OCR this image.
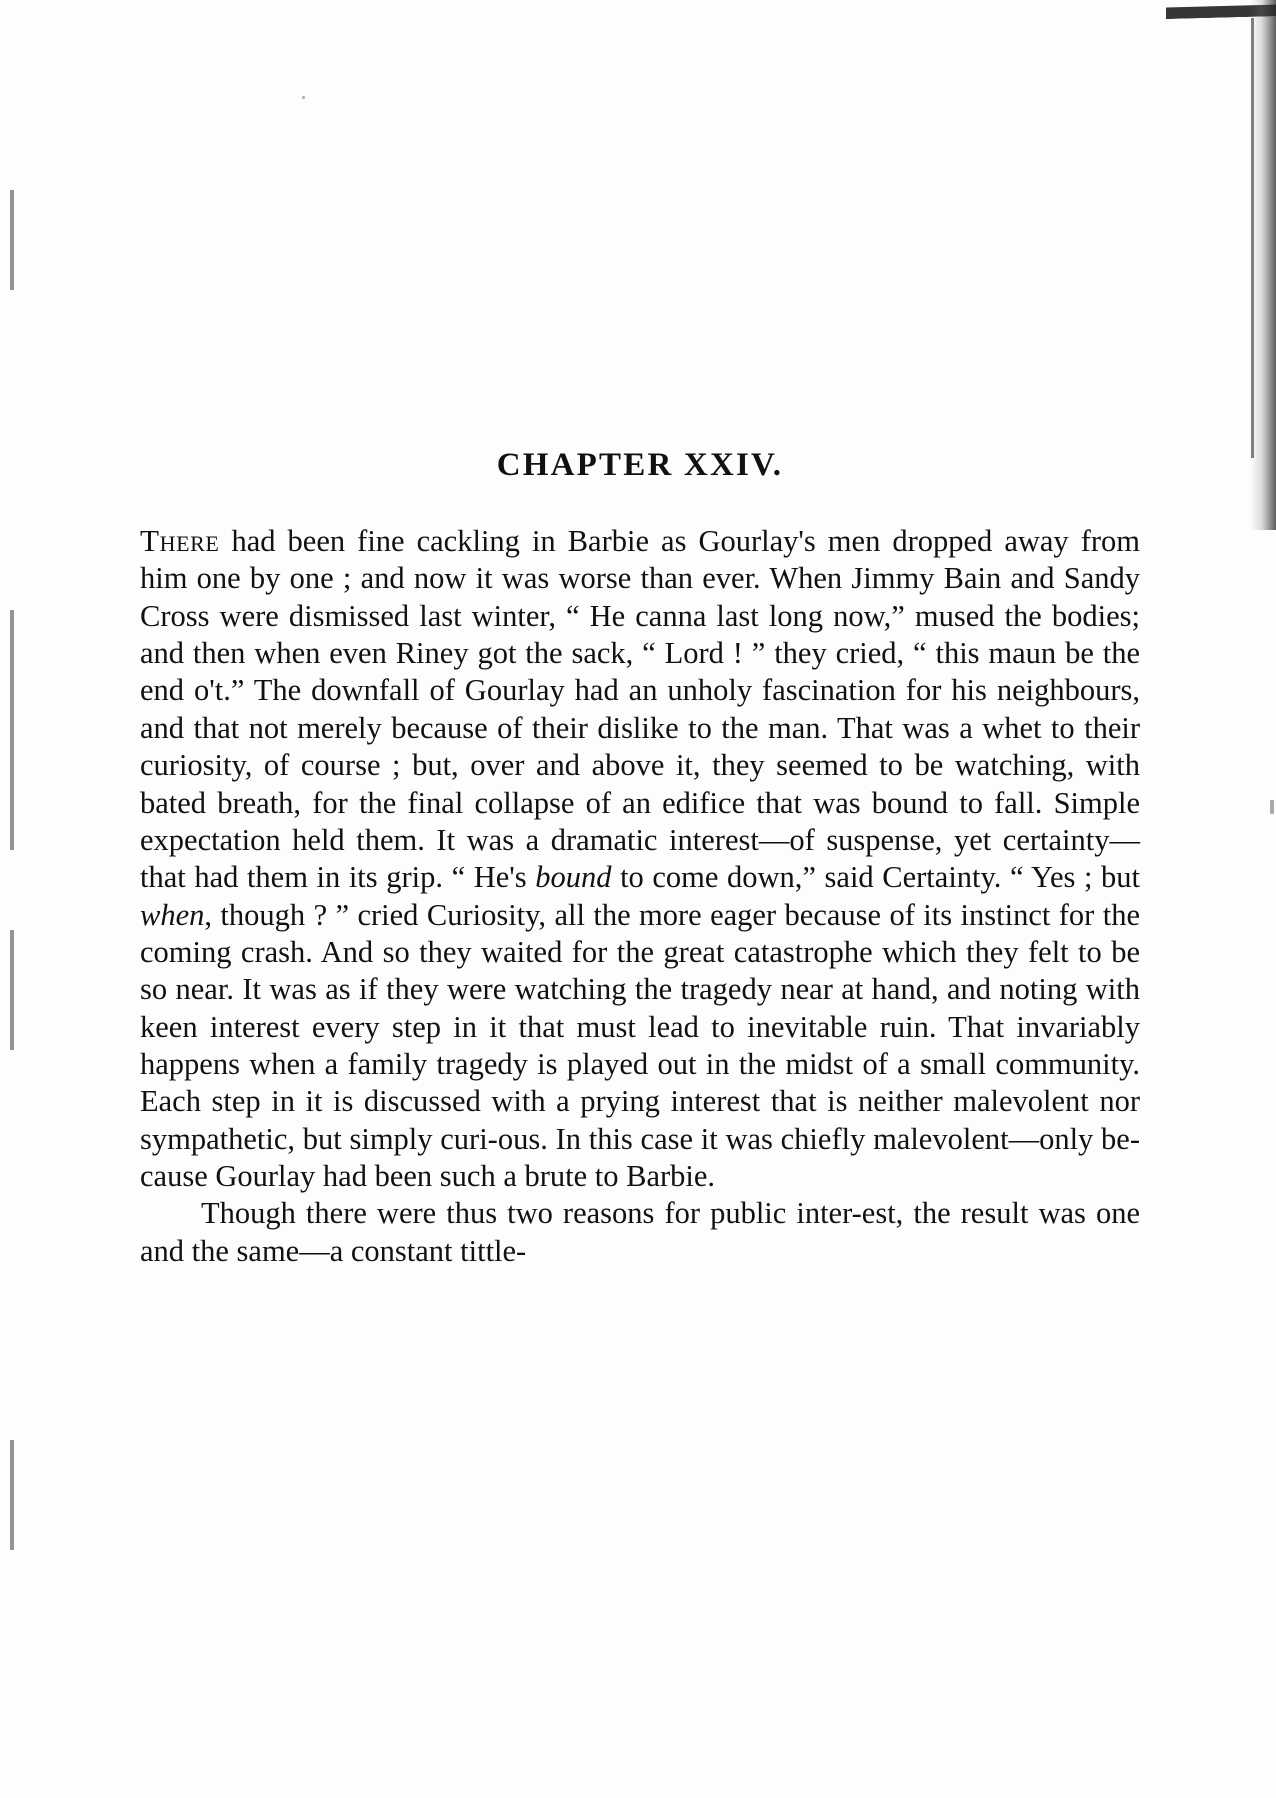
CHAPTER XXIV.

There had been fine cackling in Barbie as Gourlay's men dropped away from him one by one ; and now it was worse than ever. When Jimmy Bain and Sandy Cross were dismissed last winter, “ He canna last long now,” mused the bodies; and then when even Riney got the sack, “ Lord ! ” they cried, “ this maun be the end o't.” The downfall of Gourlay had an unholy fascination for his neighbours, and that not merely because of their dislike to the man. That was a whet to their curiosity, of course ; but, over and above it, they seemed to be watching, with bated breath, for the final collapse of an edifice that was bound to fall. Simple expectation held them. It was a dramatic interest—of suspense, yet certainty—that had them in its grip. “ He's bound to come down,” said Certainty. “ Yes ; but when, though ? ” cried Curiosity, all the more eager because of its instinct for the coming crash. And so they waited for the great catastrophe which they felt to be so near. It was as if they were watching the tragedy near at hand, and noting with keen interest every step in it that must lead to inevitable ruin. That invariably happens when a family tragedy is played out in the midst of a small community. Each step in it is discussed with a prying interest that is neither malevolent nor sympathetic, but simply curi-ous. In this case it was chiefly malevolent—only be-cause Gourlay had been such a brute to Barbie.

Though there were thus two reasons for public inter-est, the result was one and the same—a constant tittle-
